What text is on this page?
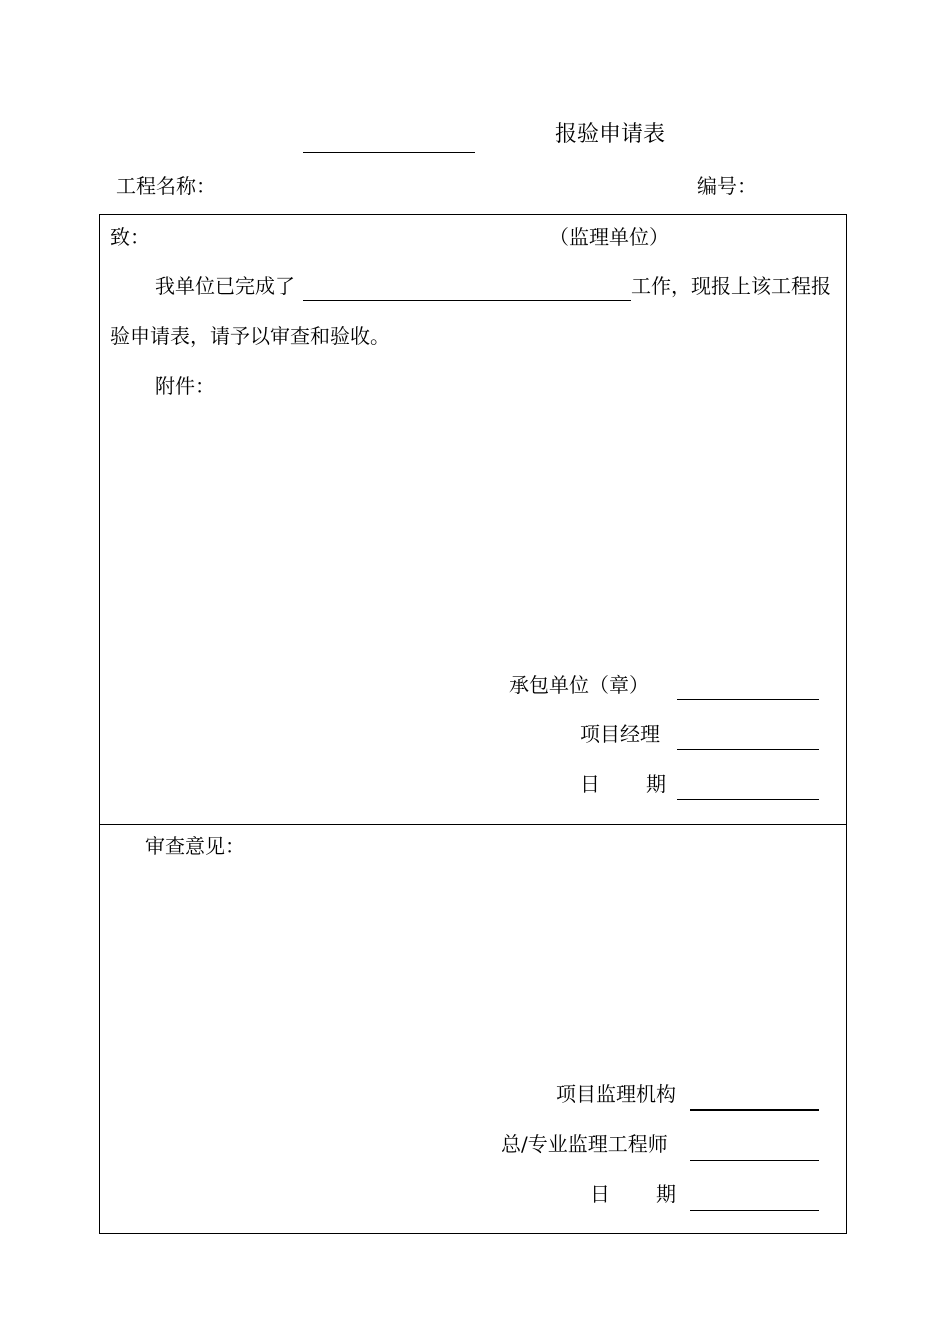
报验申请表
工程名称：	编号：
致：	（监理单位）
我单位已完成了	工作，现报上该工程报
验申请表，请予以审查和验收。
附件：
承包单位（章）
项目经理
日 期
审查意见：
项目监理机构
总/专业监理工程师
日 期
